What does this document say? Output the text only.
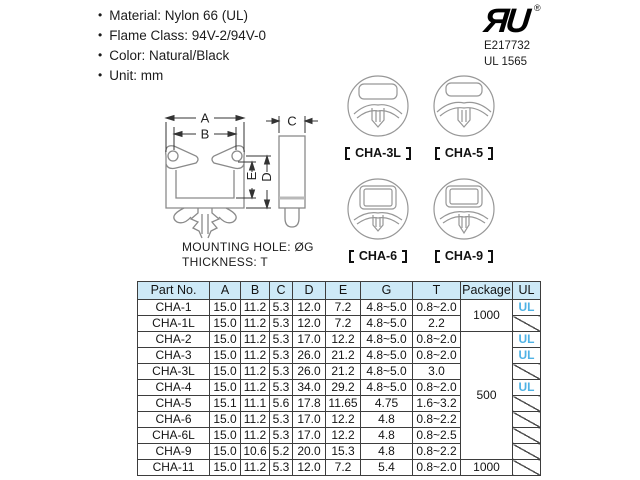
• Material: Nylon 66 (UL)
• Flame Class: 94V-2/94V-0
• Color: Natural/Black
• Unit: mm
ЯU ®
E217732
UL 1565
A
B
E D
C
MOUNTING HOLE: ØG
THICKNESS: T
CHA-3L	CHA-5
CHA-6	CHA-9
Part No.	A	B	C	D	E	G	T	Package	UL
CHA-1	15.0	11.2	5.3	12.0	7.2	4.8~5.0	0.8~2.0	1000	UL
CHA-1L	15.0	11.2	5.3	12.0	7.2	4.8~5.0	2.2		
CHA-2	15.0	11.2	5.3	17.0	12.2	4.8~5.0	0.8~2.0	500	UL
CHA-3	15.0	11.2	5.3	26.0	21.2	4.8~5.0	0.8~2.0		UL
CHA-3L	15.0	11.2	5.3	26.0	21.2	4.8~5.0	3.0		
CHA-4	15.0	11.2	5.3	34.0	29.2	4.8~5.0	0.8~2.0		UL
CHA-5	15.1	11.1	5.6	17.8	11.65	4.75	1.6~3.2		
CHA-6	15.0	11.2	5.3	17.0	12.2	4.8	0.8~2.2		
CHA-6L	15.0	11.2	5.3	17.0	12.2	4.8	0.8~2.5		
CHA-9	15.0	10.6	5.2	20.0	15.3	4.8	0.8~2.2		
CHA-11	15.0	11.2	5.3	12.0	7.2	5.4	0.8~2.0	1000	
